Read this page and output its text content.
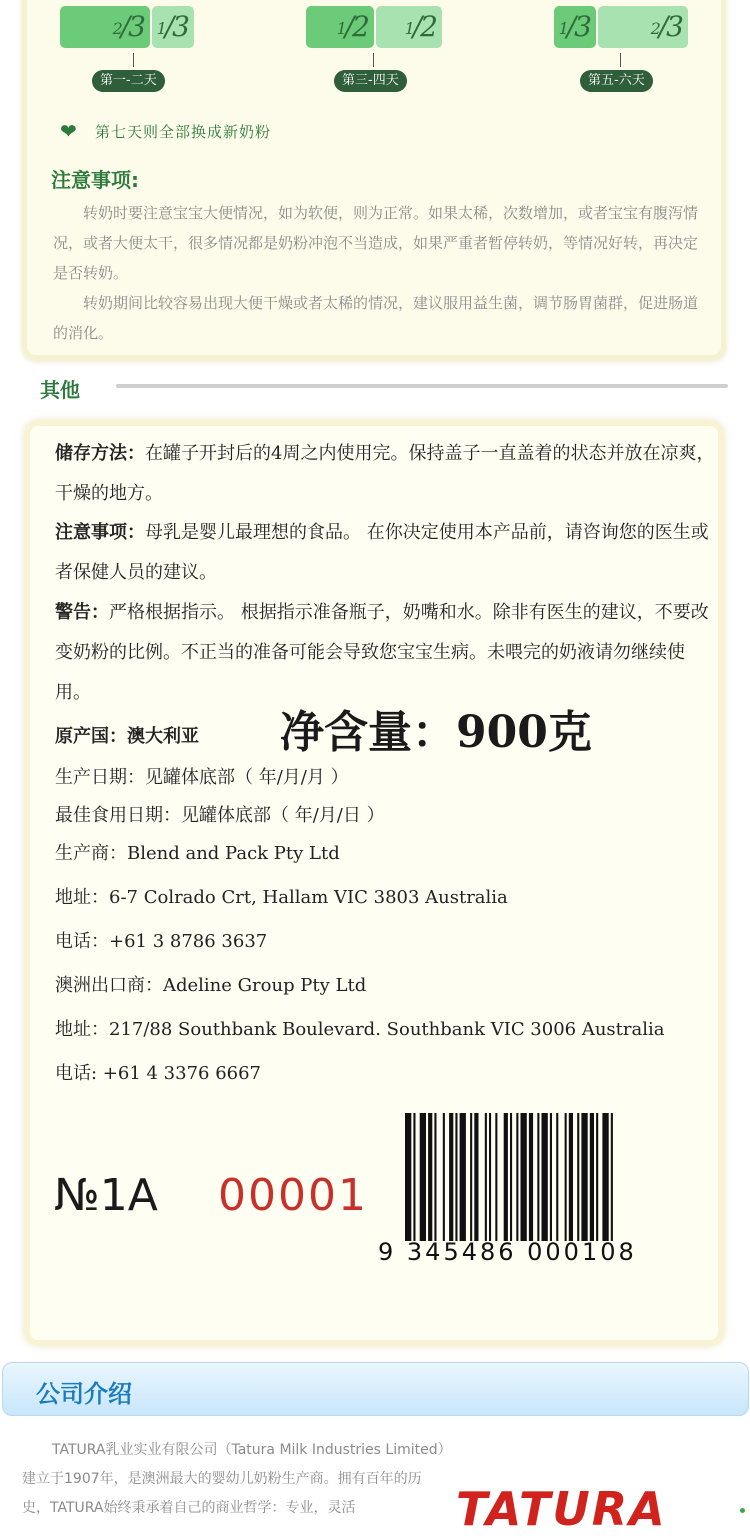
❤ 第七天则全部换成新奶粉
注意事项:
转奶时要注意宝宝大便情况，如为软便，则为正常。如果太稀，次数增加，或者宝宝有腹泻情况，或者大便太干，很多情况都是奶粉冲泡不当造成，如果严重者暂停转奶，等情况好转，再决定是否转奶。
转奶期间比较容易出现大便干燥或者太稀的情况，建议服用益生菌，调节肠胃菌群，促进肠道的消化。
其他
储存方法：在罐子开封后的4周之内使用完。保持盖子一直盖着的状态并放在凉爽，干燥的地方。
注意事项：母乳是婴儿最理想的食品。 在你决定使用本产品前，请咨询您的医生或者保健人员的建议。
警告：严格根据指示。 根据指示准备瓶子，奶嘴和水。除非有医生的建议，不要改变奶粉的比例。不正当的准备可能会导致您宝宝生病。未喂完的奶液请勿继续使用。
原产国：澳大利亚 净含量：900克
生产日期：见罐体底部（ 年/月/月 ）
最佳食用日期：见罐体底部（ 年/月/日 ）
生产商：Blend and Pack Pty Ltd
地址：6-7 Colrado Crt, Hallam VIC 3803 Australia
电话：+61 3 8786 3637
澳洲出口商：Adeline Group Pty Ltd
地址：217/88 Southbank Boulevard. Southbank VIC 3006 Australia
电话: +61 4 3376 6667
№1A 00001
9 345486 000108
公司介绍
TATURA乳业实业有限公司（Tatura Milk Industries Limited）建立于1907年，是澳洲最大的婴幼儿奶粉生产商。拥有百年的历史，TATURA始终秉承着自己的商业哲学：专业，灵活	TATURA
$^2$/3 $^1$/3
第一-二天
$^1$/2 $^1$/2
第三-四天
$^1$/3	$^2$/3
第五-六天
